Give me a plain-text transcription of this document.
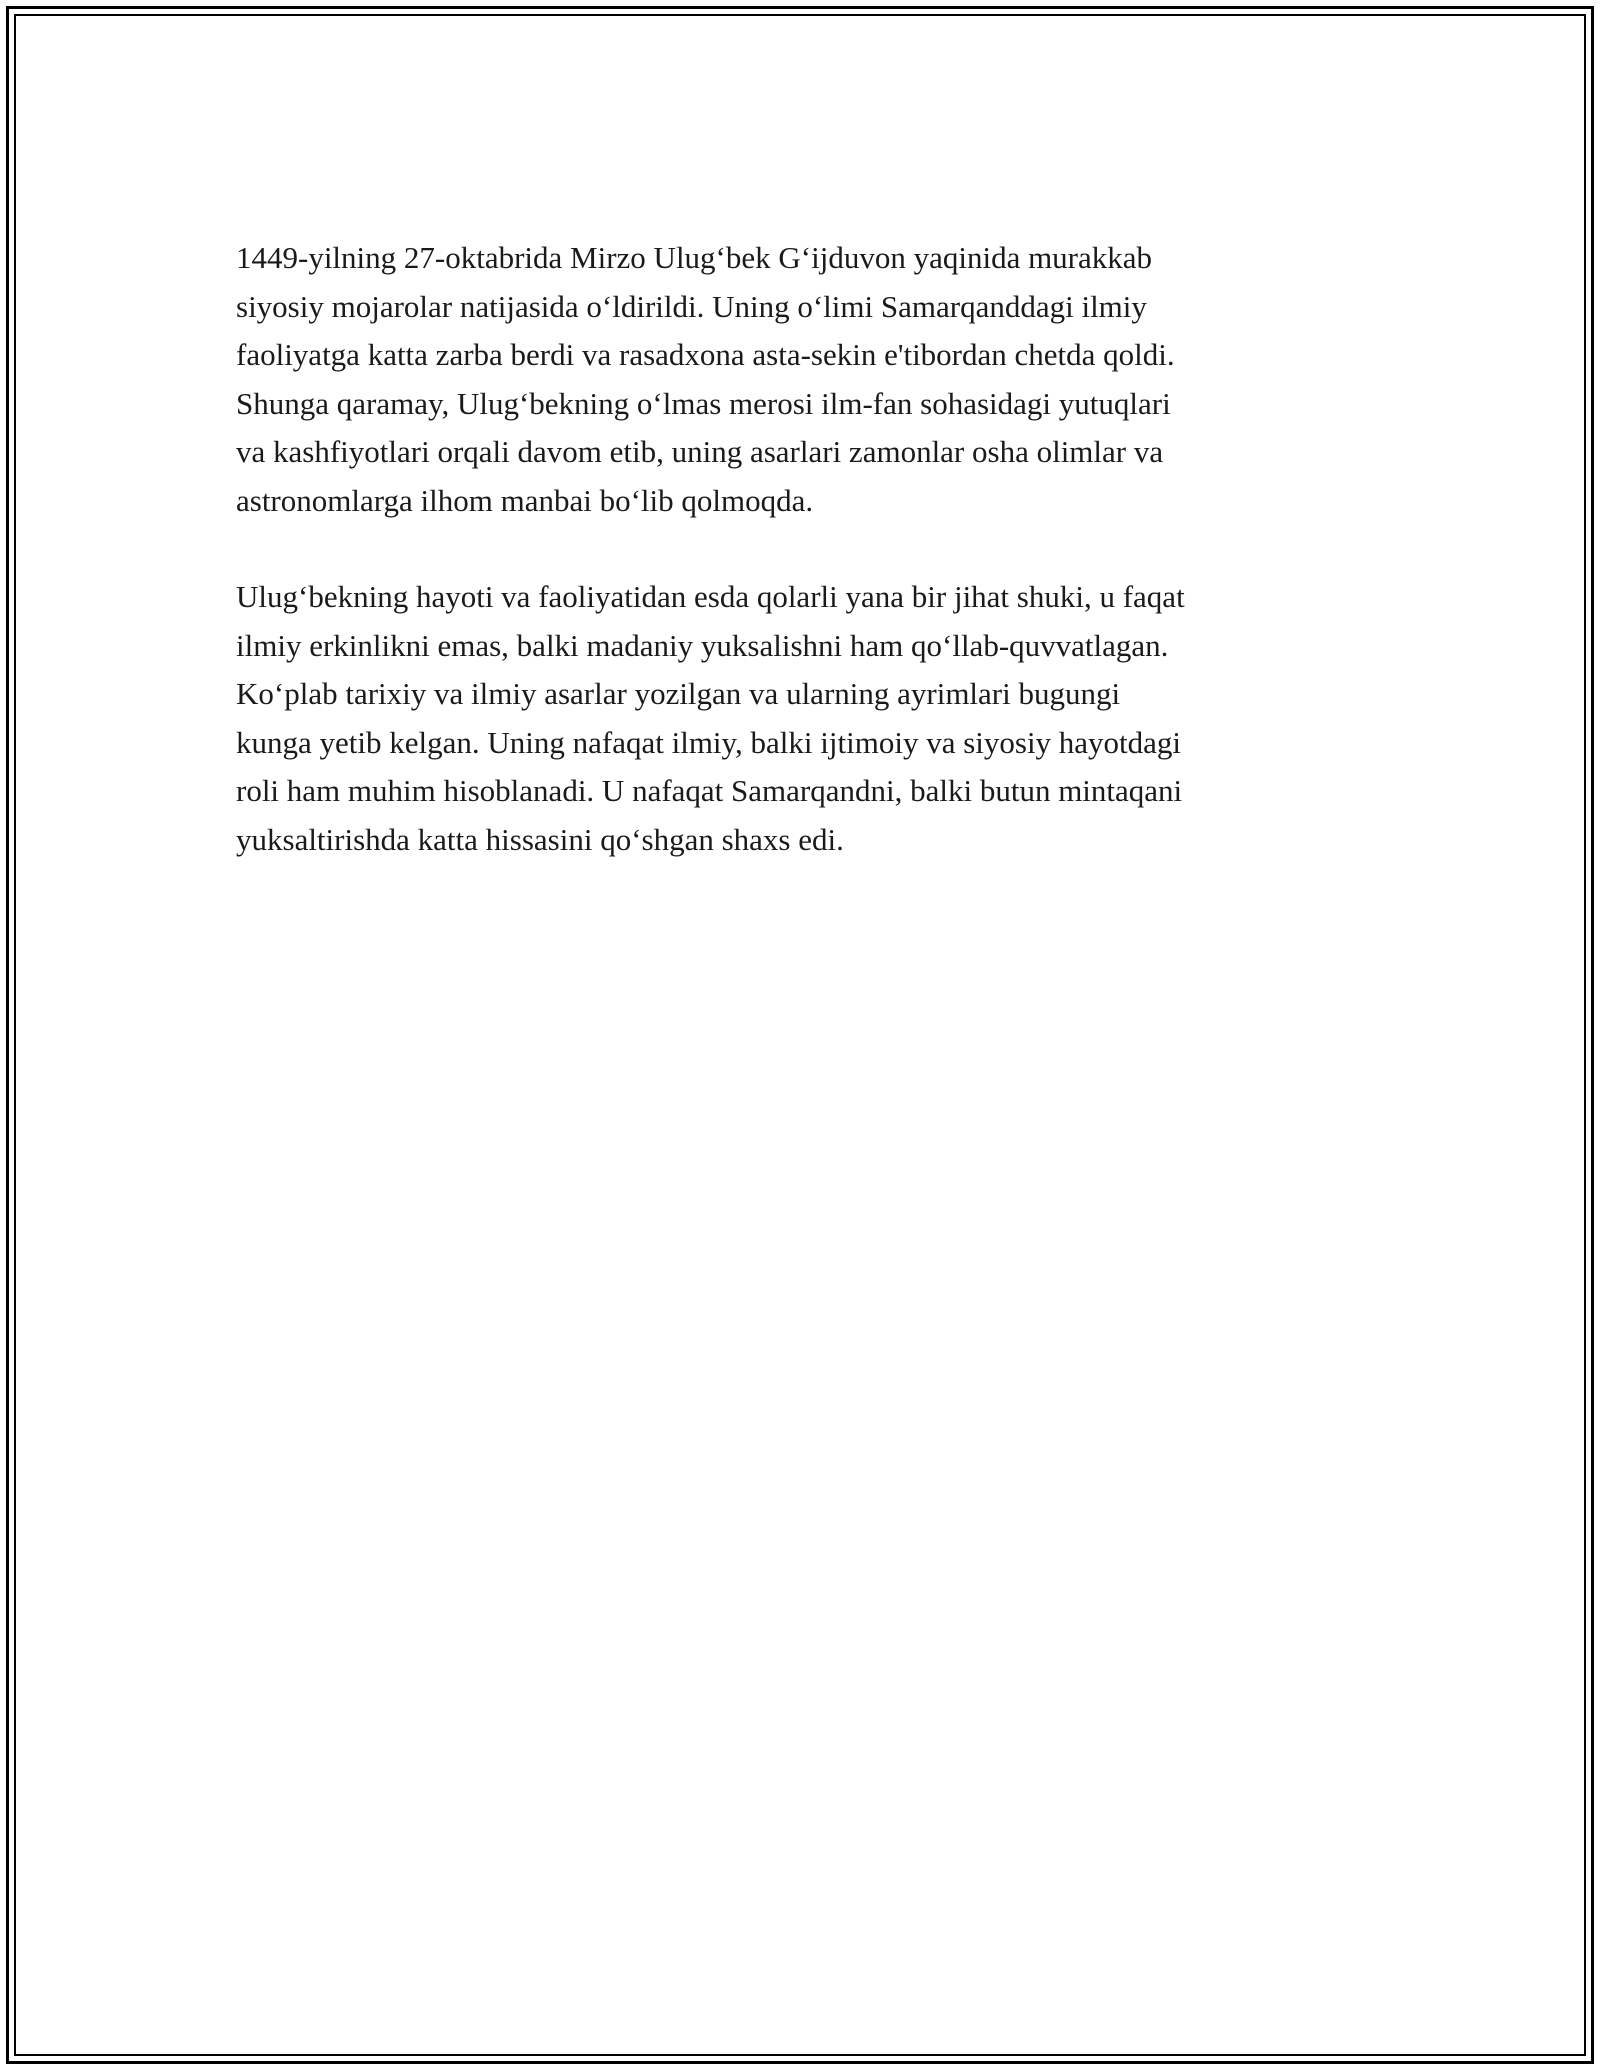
1449-yilning 27-oktabrida Mirzo Ulug‘bek G‘ijduvon yaqinida murakkab
siyosiy mojarolar natijasida o‘ldirildi. Uning o‘limi Samarqanddagi ilmiy
faoliyatga katta zarba berdi va rasadxona asta-sekin e'tibordan chetda qoldi.
Shunga qaramay, Ulug‘bekning o‘lmas merosi ilm-fan sohasidagi yutuqlari
va kashfiyotlari orqali davom etib, uning asarlari zamonlar osha olimlar va
astronomlarga ilhom manbai bo‘lib qolmoqda.

Ulug‘bekning hayoti va faoliyatidan esda qolarli yana bir jihat shuki, u faqat
ilmiy erkinlikni emas, balki madaniy yuksalishni ham qo‘llab-quvvatlagan.
Ko‘plab tarixiy va ilmiy asarlar yozilgan va ularning ayrimlari bugungi
kunga yetib kelgan. Uning nafaqat ilmiy, balki ijtimoiy va siyosiy hayotdagi
roli ham muhim hisoblanadi. U nafaqat Samarqandni, balki butun mintaqani
yuksaltirishda katta hissasini qo‘shgan shaxs edi.
